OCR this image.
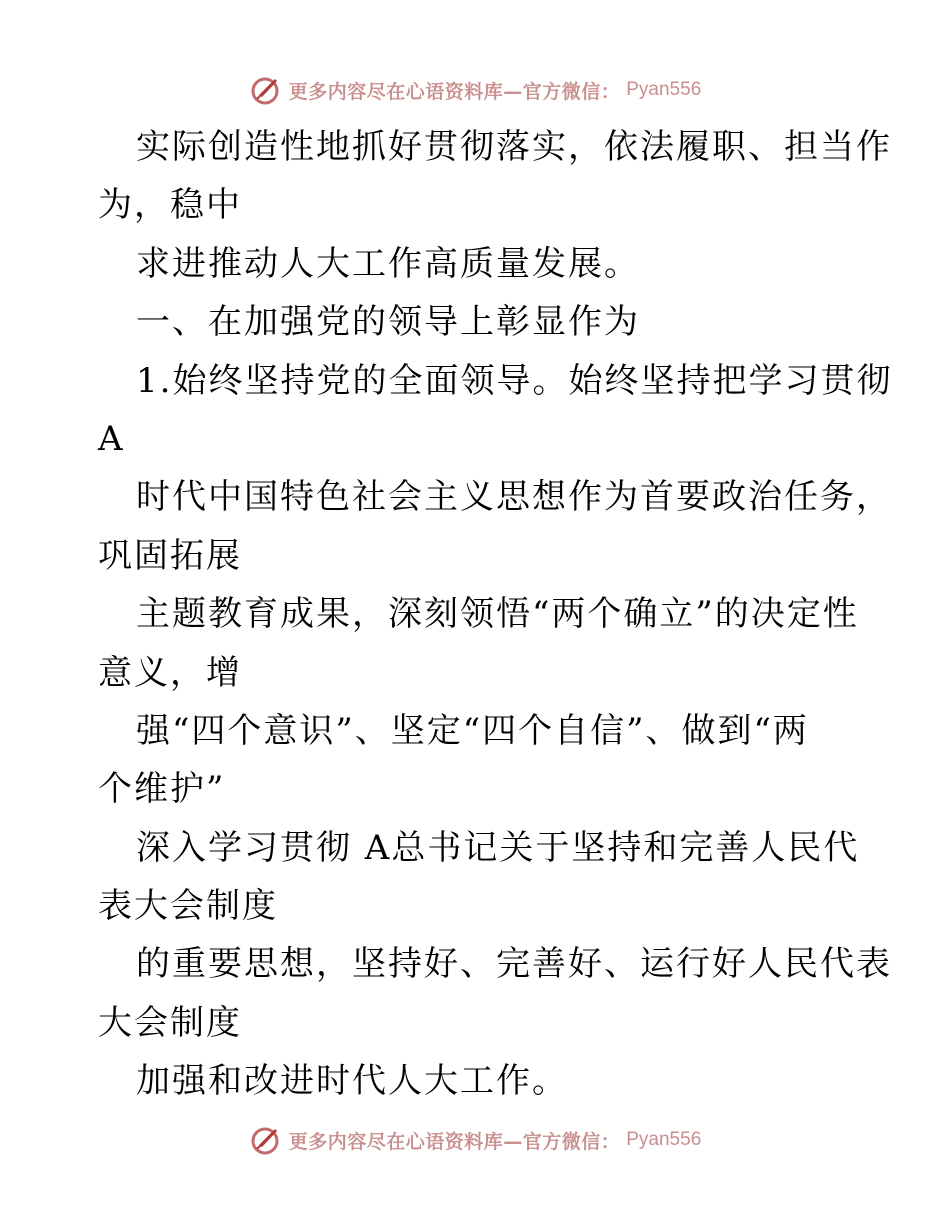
更多内容尽在心语资料库—官方微信： Pyan556
实际创造性地抓好贯彻落实，依法履职、担当作
为，稳中
求进推动人大工作高质量发展。
一、在加强党的领导上彰显作为
1.始终坚持党的全面领导。始终坚持把学习贯彻
A
时代中国特色社会主义思想作为首要政治任务，
巩固拓展
主题教育成果，深刻领悟“两个确立”的决定性
意义，增
强“四个意识”、坚定“四个自信”、做到“两
个维护”
深入学习贯彻 A总书记关于坚持和完善人民代
表大会制度
的重要思想，坚持好、完善好、运行好人民代表
大会制度
加强和改进时代人大工作。
更多内容尽在心语资料库—官方微信： Pyan556
